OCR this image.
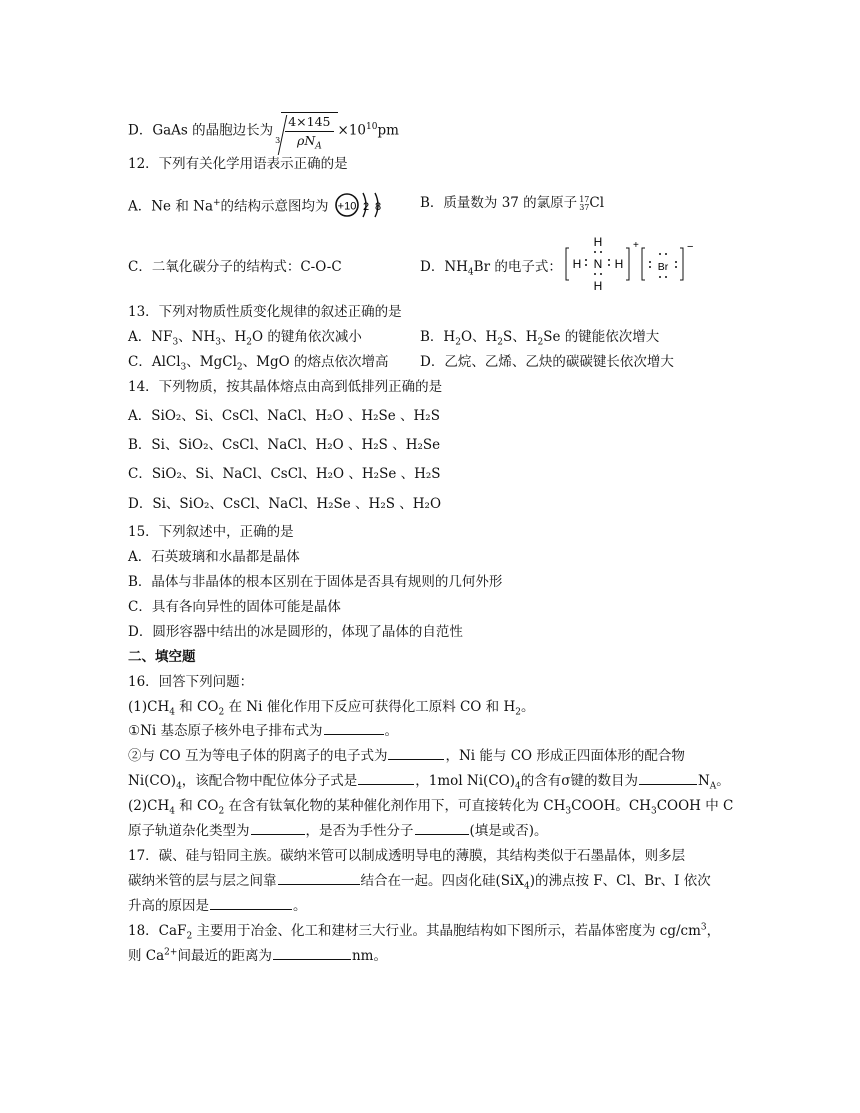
D．GaAs 的晶胞边长为$_3 \frac{4\times 145}{\rho N_A} \times 10^{10}pm$
12．下列有关化学用语表示正确的是
A．Ne 和 Na+的结构示意图均为 +10 2 8	B．质量数为 37 的氯原子 17
37 Cl
C．二氧化碳分子的结构式：C-O-C	D．$NH_4Br$ 的电子式：
H
H
H N H
+
Br
−
13．下列对物质性质变化规律的叙述正确的是
A．$NF_3$、$NH_3$、$H_2O$ 的键角依次减小	B．$H_2O$、$H_2S$、$H_2Se$ 的键能依次增大
C．AlCl$_3$、MgCl$_2$、MgO 的熔点依次增高 D．乙烷、乙烯、乙炔的碳碳键长依次增大
14．下列物质，按其晶体熔点由高到低排列正确的是
A．SiO₂、Si、CsCl、NaCl、H₂O 、H₂Se 、H₂S
B．Si、SiO₂、CsCl、NaCl、H₂O 、H₂S 、H₂Se
C．SiO₂、Si、NaCl、CsCl、H₂O 、H₂Se 、H₂S
D．Si、SiO₂、CsCl、NaCl、H₂Se 、H₂S 、H₂O
15．下列叙述中，正确的是
A．石英玻璃和水晶都是晶体
B．晶体与非晶体的根本区别在于固体是否具有规则的几何外形
C．具有各向异性的固体可能是晶体
D．圆形容器中结出的冰是圆形的，体现了晶体的自范性
二、填空题
16．回答下列问题：
$(1)CH_4$ 和 $CO_2$ 在 Ni 催化作用下反应可获得化工原料 CO 和 $H_2$。
①Ni 基态原子核外电子排布式为	。
②与 CO 互为等电子体的阴离子的电子式为	，Ni 能与 CO 形成正四面体形的配合物
$Ni(CO)_4$，该配合物中配位体分子式是	，1mol $Ni(CO)_4$的含有σ键的数目为	$N_A$。
$(2)CH_4$ 和 $CO_2$ 在含有钛氧化物的某种催化剂作用下，可直接转化为 $CH_3COOH$。$CH_3COOH$ 中 C
原子轨道杂化类型为	，是否为手性分子	(填是或否)。
17．碳、硅与铅同主族。碳纳米管可以制成透明导电的薄膜，其结构类似于石墨晶体，则多层
碳纳米管的层与层之间靠	结合在一起。四卤化硅(SiX$_4$)的沸点按 F、Cl、Br、I 依次
升高的原因是	。
18．CaF$_2$ 主要用于冶金、化工和建材三大行业。其晶胞结构如下图所示，若晶体密度为 $cg/cm^3$，
则 $Ca^{2+}$间最近的距离为	nm。
